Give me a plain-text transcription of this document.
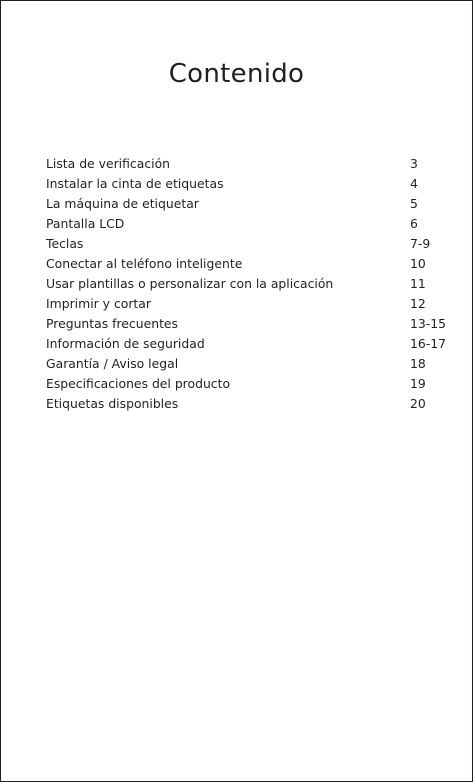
Contenido
Lista de verificación	3
Instalar la cinta de etiquetas	4
La máquina de etiquetar	5
Pantalla LCD	6
Teclas	7-9
Conectar al teléfono inteligente	10
Usar plantillas o personalizar con la aplicación	11
Imprimir y cortar	12
Preguntas frecuentes	13-15
Información de seguridad	16-17
Garantía / Aviso legal	18
Especificaciones del producto	19
Etiquetas disponibles	20
